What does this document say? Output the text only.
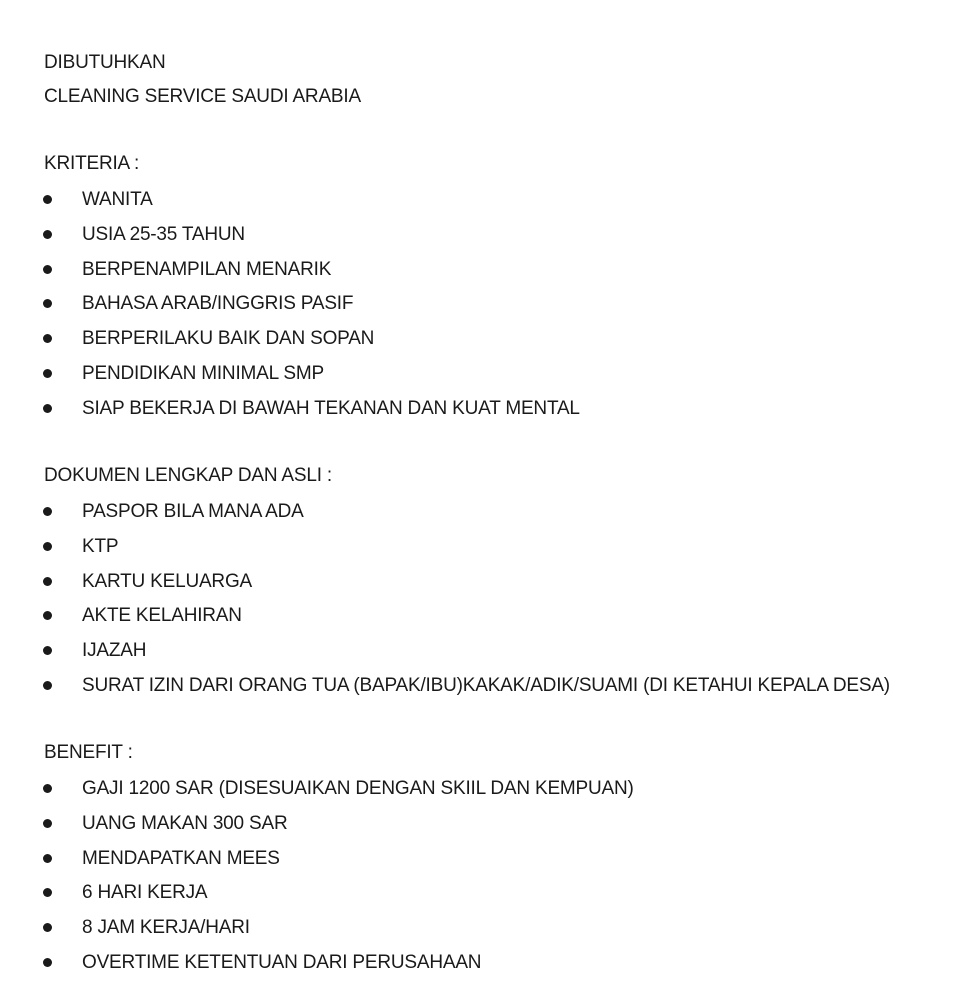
DIBUTUHKAN
CLEANING SERVICE SAUDI ARABIA
KRITERIA :
WANITA
USIA 25-35 TAHUN
BERPENAMPILAN MENARIK
BAHASA ARAB/INGGRIS PASIF
BERPERILAKU BAIK DAN SOPAN
PENDIDIKAN MINIMAL SMP
SIAP BEKERJA DI BAWAH TEKANAN DAN KUAT MENTAL
DOKUMEN LENGKAP DAN ASLI :
PASPOR BILA MANA ADA
KTP
KARTU KELUARGA
AKTE KELAHIRAN
IJAZAH
SURAT IZIN DARI ORANG TUA (BAPAK/IBU)KAKAK/ADIK/SUAMI (DI KETAHUI KEPALA DESA)
BENEFIT :
GAJI 1200 SAR (DISESUAIKAN DENGAN SKIIL DAN KEMPUAN)
UANG MAKAN 300 SAR
MENDAPATKAN MEES
6 HARI KERJA
8 JAM KERJA/HARI
OVERTIME KETENTUAN DARI PERUSAHAAN
